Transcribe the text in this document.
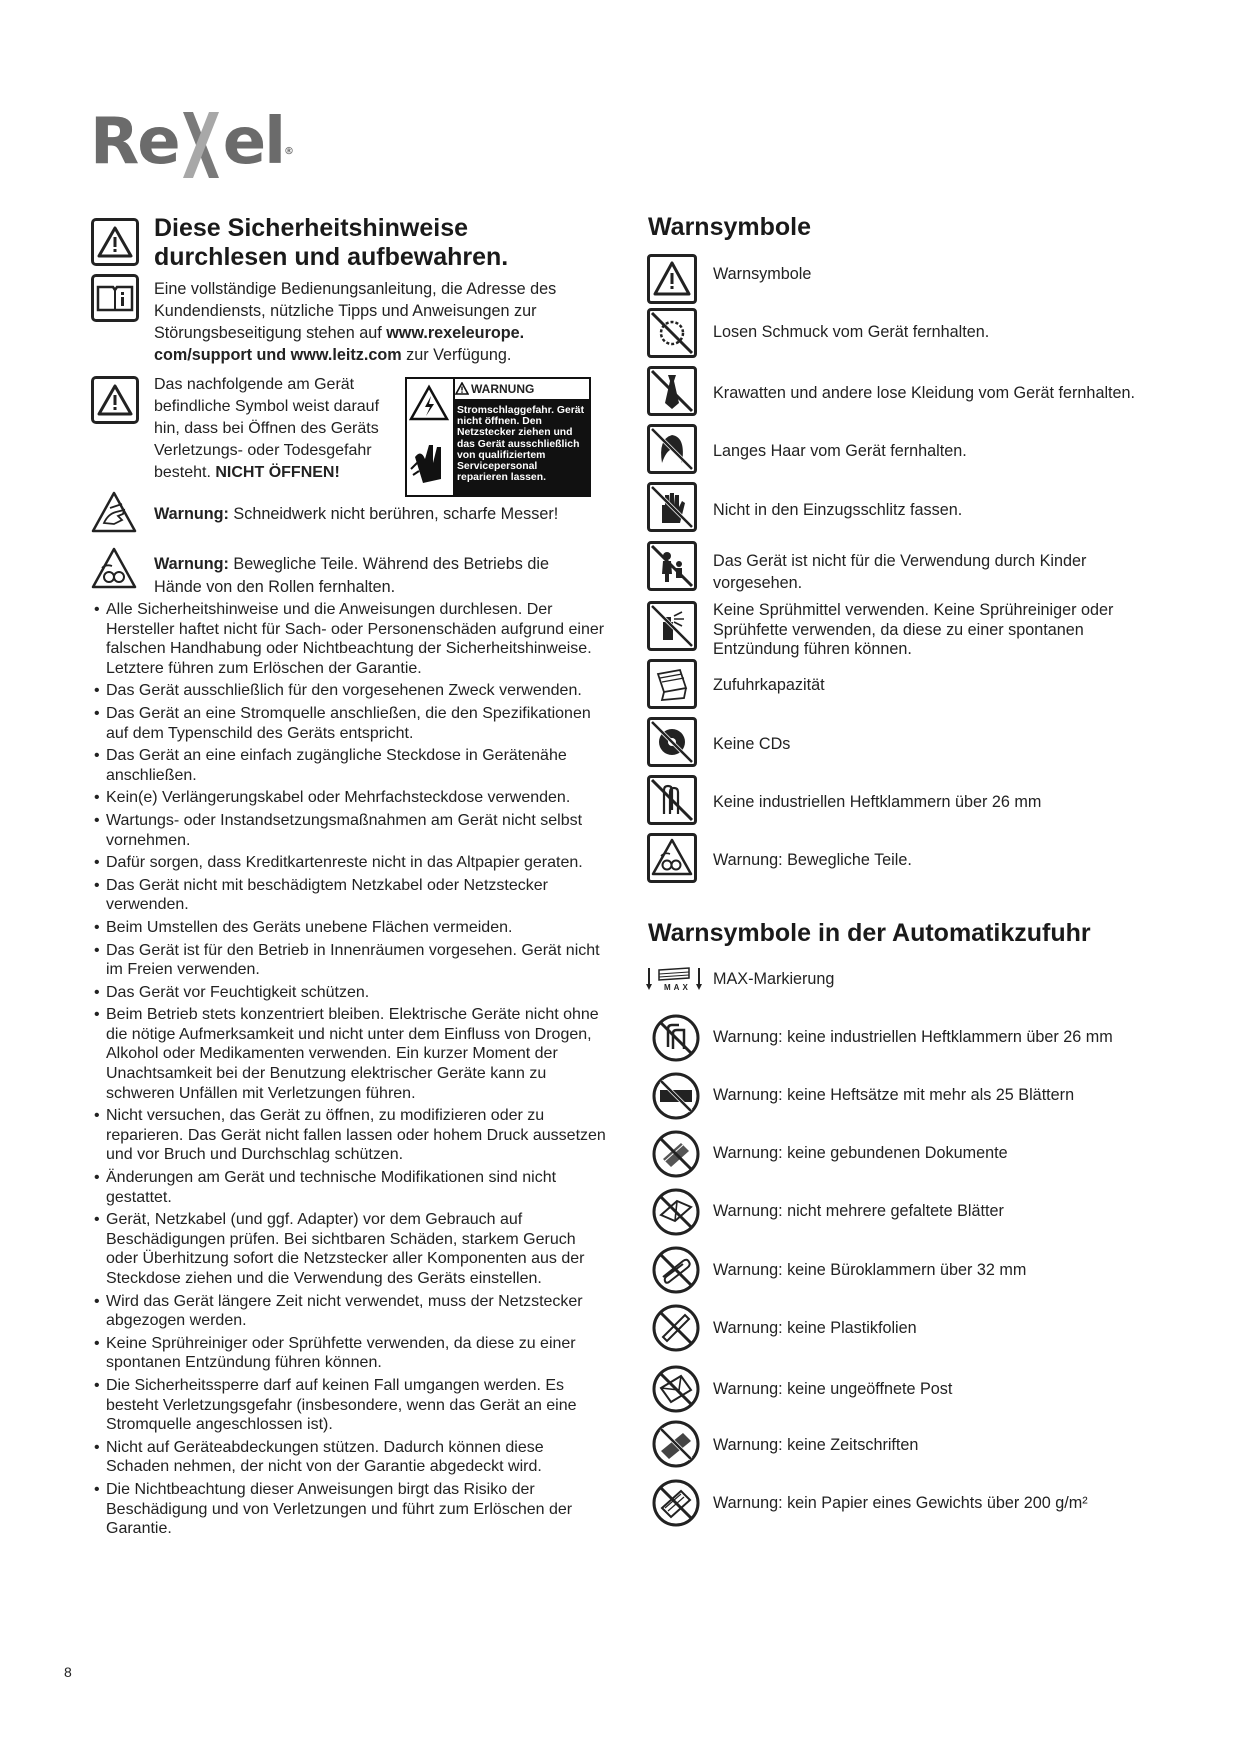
Re el®
Diese Sicherheitshinweise durchlesen und aufbewahren.
Eine vollständige Bedienungsanleitung, die Adresse des Kundendiensts, nützliche Tipps und Anweisungen zur Störungsbeseitigung stehen auf www.rexeleurope. com/support und www.leitz.com zur Verfügung.
Das nachfolgende am Gerät befindliche Symbol weist darauf hin, dass bei Öffnen des Geräts Verletzungs- oder Todesgefahr besteht. NICHT ÖFFNEN!
WARNUNG
Stromschlaggefahr. Gerät nicht öffnen. Den Netzstecker ziehen und das Gerät ausschließlich von qualifiziertem Servicepersonal reparieren lassen.
Warnung: Schneidwerk nicht berühren, scharfe Messer!
Warnung: Bewegliche Teile. Während des Betriebs die Hände von den Rollen fernhalten.
• Alle Sicherheitshinweise und die Anweisungen durchlesen. Der Hersteller haftet nicht für Sach- oder Personenschäden aufgrund einer falschen Handhabung oder Nichtbeachtung der Sicherheitshinweise. Letztere führen zum Erlöschen der Garantie.
• Das Gerät ausschließlich für den vorgesehenen Zweck verwenden.
• Das Gerät an eine Stromquelle anschließen, die den Spezifikationen auf dem Typenschild des Geräts entspricht.
• Das Gerät an eine einfach zugängliche Steckdose in Gerätenähe anschließen.
• Kein(e) Verlängerungskabel oder Mehrfachsteckdose verwenden.
• Wartungs- oder Instandsetzungsmaßnahmen am Gerät nicht selbst vornehmen.
• Dafür sorgen, dass Kreditkartenreste nicht in das Altpapier geraten.
• Das Gerät nicht mit beschädigtem Netzkabel oder Netzstecker verwenden.
• Beim Umstellen des Geräts unebene Flächen vermeiden.
• Das Gerät ist für den Betrieb in Innenräumen vorgesehen. Gerät nicht im Freien verwenden.
• Das Gerät vor Feuchtigkeit schützen.
• Beim Betrieb stets konzentriert bleiben. Elektrische Geräte nicht ohne die nötige Aufmerksamkeit und nicht unter dem Einfluss von Drogen, Alkohol oder Medikamenten verwenden. Ein kurzer Moment der Unachtsamkeit bei der Benutzung elektrischer Geräte kann zu schweren Unfällen mit Verletzungen führen.
• Nicht versuchen, das Gerät zu öffnen, zu modifizieren oder zu reparieren. Das Gerät nicht fallen lassen oder hohem Druck aussetzen und vor Bruch und Durchschlag schützen.
• Änderungen am Gerät und technische Modifikationen sind nicht gestattet.
• Gerät, Netzkabel (und ggf. Adapter) vor dem Gebrauch auf Beschädigungen prüfen. Bei sichtbaren Schäden, starkem Geruch oder Überhitzung sofort die Netzstecker aller Komponenten aus der Steckdose ziehen und die Verwendung des Geräts einstellen.
• Wird das Gerät längere Zeit nicht verwendet, muss der Netzstecker abgezogen werden.
• Keine Sprühreiniger oder Sprühfette verwenden, da diese zu einer spontanen Entzündung führen können.
• Die Sicherheitssperre darf auf keinen Fall umgangen werden. Es besteht Verletzungsgefahr (insbesondere, wenn das Gerät an eine Stromquelle angeschlossen ist).
• Nicht auf Geräteabdeckungen stützen. Dadurch können diese Schaden nehmen, der nicht von der Garantie abgedeckt wird.
• Die Nichtbeachtung dieser Anweisungen birgt das Risiko der Beschädigung und von Verletzungen und führt zum Erlöschen der Garantie.
Warnsymbole
Warnsymbole
Losen Schmuck vom Gerät fernhalten.
Krawatten und andere lose Kleidung vom Gerät fernhalten.
Langes Haar vom Gerät fernhalten.
Nicht in den Einzugsschlitz fassen.
Das Gerät ist nicht für die Verwendung durch Kinder vorgesehen.
Keine Sprühmittel verwenden. Keine Sprühreiniger oder Sprühfette verwenden, da diese zu einer spontanen Entzündung führen können.
Zufuhrkapazität
Keine CDs
Keine industriellen Heftklammern über 26 mm
Warnung: Bewegliche Teile.
Warnsymbole in der Automatikzufuhr
MAX MAX-Markierung
Warnung: keine industriellen Heftklammern über 26 mm
Warnung: keine Heftsätze mit mehr als 25 Blättern
Warnung: keine gebundenen Dokumente
Warnung: nicht mehrere gefaltete Blätter
Warnung: keine Büroklammern über 32 mm
Warnung: keine Plastikfolien
Warnung: keine ungeöffnete Post
Warnung: keine Zeitschriften
Warnung: kein Papier eines Gewichts über 200 g/m²
8
